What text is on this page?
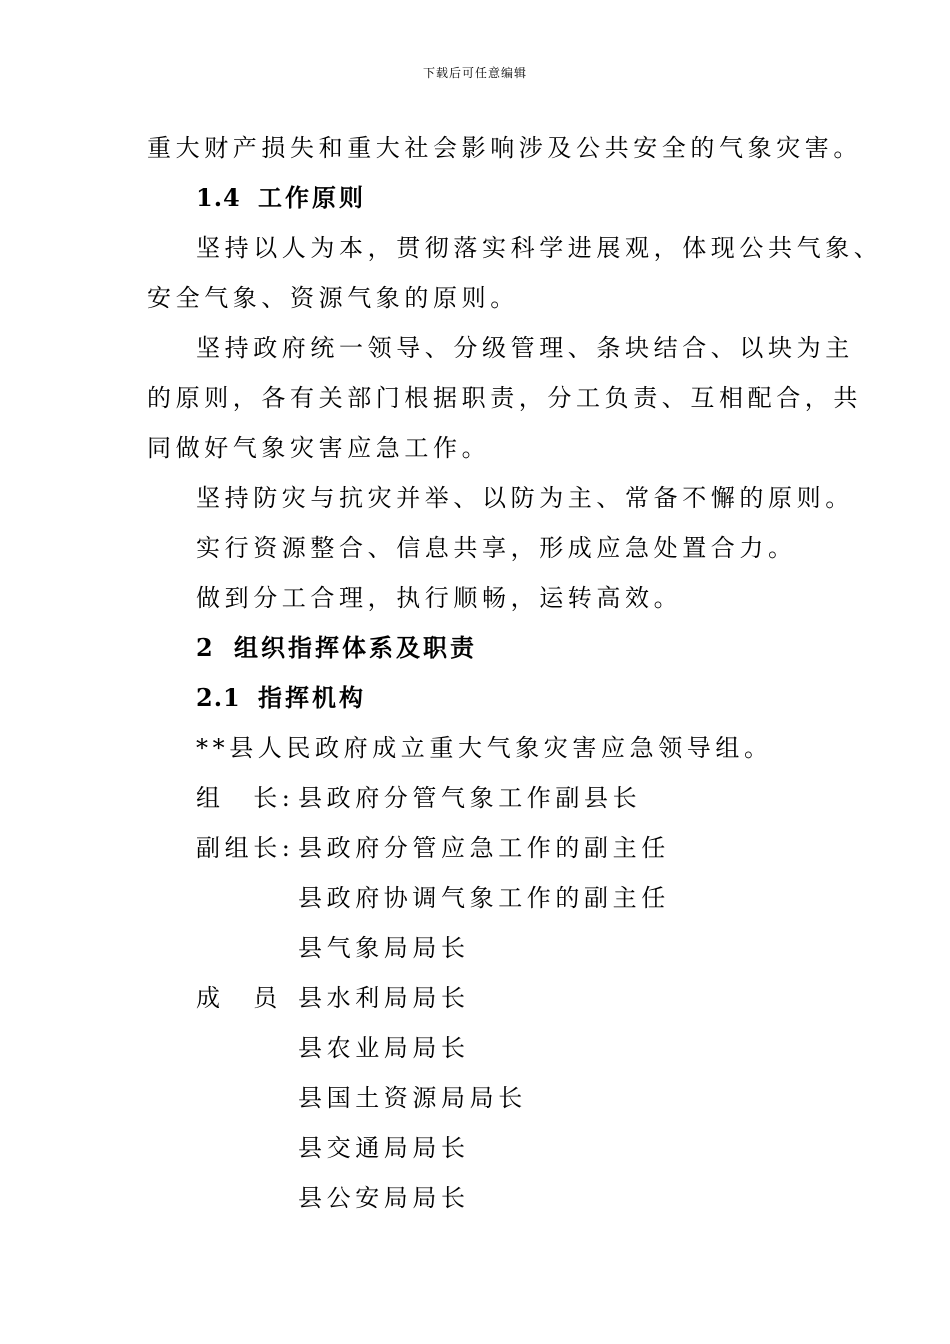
下载后可任意编辑
重大财产损失和重大社会影响涉及公共安全的气象灾害。
1.4 工作原则
坚持以人为本，贯彻落实科学进展观，体现公共气象、
安全气象、资源气象的原则。
坚持政府统一领导、分级管理、条块结合、以块为主
的原则，各有关部门根据职责，分工负责、互相配合，共
同做好气象灾害应急工作。
坚持防灾与抗灾并举、以防为主、常备不懈的原则。
实行资源整合、信息共享，形成应急处置合力。
做到分工合理，执行顺畅，运转高效。
2 组织指挥体系及职责
2.1 指挥机构
**县人民政府成立重大气象灾害应急领导组。
组　长: 县政府分管气象工作副县长
副组长: 县政府分管应急工作的副主任
县政府协调气象工作的副主任
县气象局局长
成　员 县水利局局长
县农业局局长
县国土资源局局长
县交通局局长
县公安局局长
